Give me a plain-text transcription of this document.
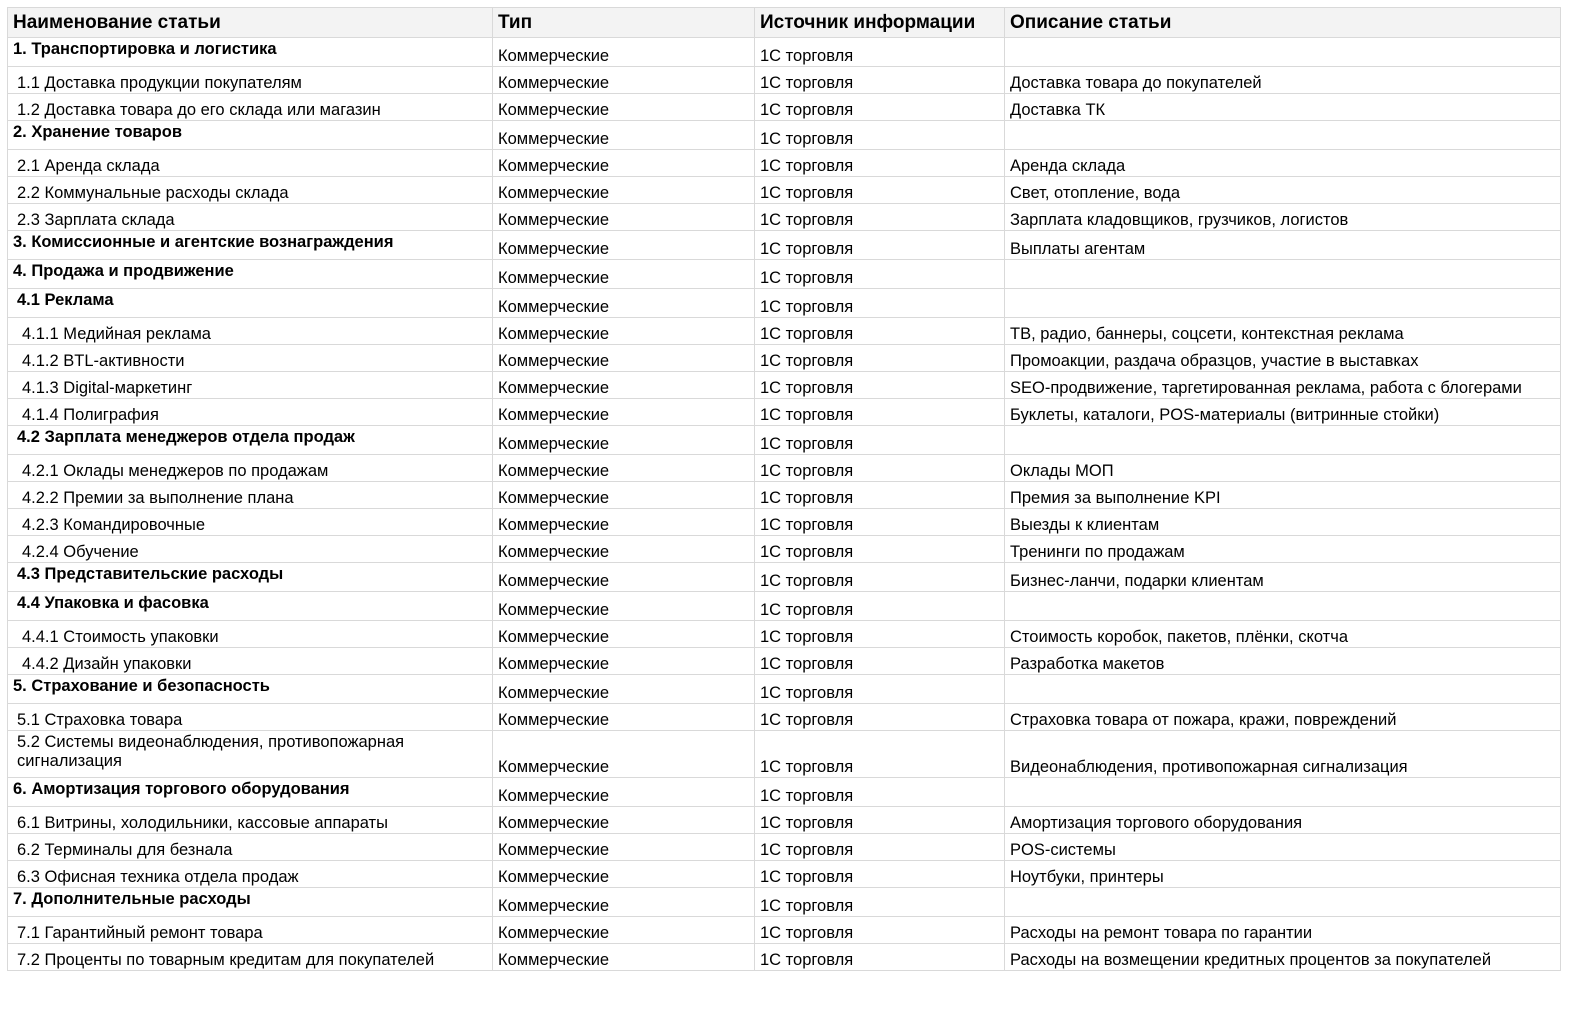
Наименование статьи	Тип	Источник информации	Описание статьи
1. Транспортировка и логистика	Коммерческие	1С торговля	
1.1 Доставка продукции покупателям	Коммерческие	1С торговля	Доставка товара до покупателей
1.2 Доставка товара до его склада или магазин	Коммерческие	1С торговля	Доставка ТК
2. Хранение товаров	Коммерческие	1С торговля	
2.1 Аренда склада	Коммерческие	1С торговля	Аренда склада
2.2 Коммунальные расходы склада	Коммерческие	1С торговля	Свет, отопление, вода
2.3 Зарплата склада	Коммерческие	1С торговля	Зарплата кладовщиков, грузчиков, логистов
3. Комиссионные и агентские вознаграждения	Коммерческие	1С торговля	Выплаты агентам
4. Продажа и продвижение	Коммерческие	1С торговля	
4.1 Реклама	Коммерческие	1С торговля	
4.1.1 Медийная реклама	Коммерческие	1С торговля	ТВ, радио, баннеры, соцсети, контекстная реклама
4.1.2 BTL-активности	Коммерческие	1С торговля	Промоакции, раздача образцов, участие в выставках
4.1.3 Digital-маркетинг	Коммерческие	1С торговля	SEO-продвижение, таргетированная реклама, работа с блогерами
4.1.4 Полиграфия	Коммерческие	1С торговля	Буклеты, каталоги, POS-материалы (витринные стойки)
4.2 Зарплата менеджеров отдела продаж	Коммерческие	1С торговля	
4.2.1 Оклады менеджеров по продажам	Коммерческие	1С торговля	Оклады МОП
4.2.2 Премии за выполнение плана	Коммерческие	1С торговля	Премия за выполнение KPI
4.2.3 Командировочные	Коммерческие	1С торговля	Выезды к клиентам
4.2.4 Обучение	Коммерческие	1С торговля	Тренинги по продажам
4.3 Представительские расходы	Коммерческие	1С торговля	Бизнес-ланчи, подарки клиентам
4.4 Упаковка и фасовка	Коммерческие	1С торговля	
4.4.1 Стоимость упаковки	Коммерческие	1С торговля	Стоимость коробок, пакетов, плёнки, скотча
4.4.2 Дизайн упаковки	Коммерческие	1С торговля	Разработка макетов
5. Страхование и безопасность	Коммерческие	1С торговля	
5.1 Страховка товара	Коммерческие	1С торговля	Страховка товара от пожара, кражи, повреждений
5.2 Системы видеонаблюдения, противопожарная сигнализация	Коммерческие	1С торговля	Видеонаблюдения, противопожарная сигнализация
6. Амортизация торгового оборудования	Коммерческие	1С торговля	
6.1 Витрины, холодильники, кассовые аппараты	Коммерческие	1С торговля	Амортизация торгового оборудования
6.2 Терминалы для безнала	Коммерческие	1С торговля	POS-системы
6.3 Офисная техника отдела продаж	Коммерческие	1С торговля	Ноутбуки, принтеры
7. Дополнительные расходы	Коммерческие	1С торговля	
7.1 Гарантийный ремонт товара	Коммерческие	1С торговля	Расходы на ремонт товара по гарантии
7.2 Проценты по товарным кредитам для покупателей	Коммерческие	1С торговля	Расходы на возмещении кредитных процентов за покупателей
